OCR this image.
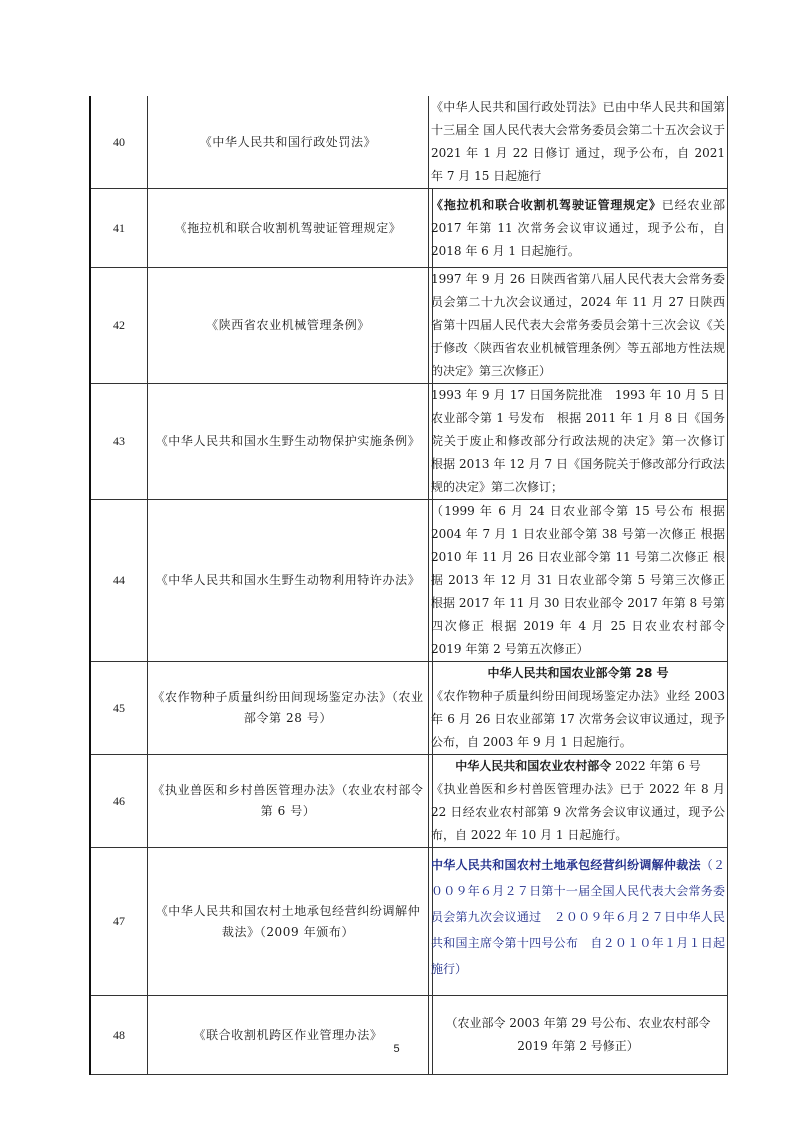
40	《中华人民共和国行政处罚法》	《中华人民共和国行政处罚法》已由中华人民共和国第十三届全 国人民代表大会常务委员会第二十五次会议于 2021 年 1 月 22 日修订 通过，现予公布，自 2021 年 7 月 15 日起施行
41	《拖拉机和联合收割机驾驶证管理规定》	《拖拉机和联合收割机驾驶证管理规定》已经农业部 2017 年第 11 次常务会议审议通过，现予公布，自 2018 年 6 月 1 日起施行。
42	《陕西省农业机械管理条例》	1997 年 9 月 26 日陕西省第八届人民代表大会常务委员会第二十九次会议通过，2024 年 11 月 27 日陕西省第十四届人民代表大会常务委员会第十三次会议《关于修改〈陕西省农业机械管理条例〉等五部地方性法规的决定》第三次修正）
43	《中华人民共和国水生野生动物保护实施条例》	1993 年 9 月 17 日国务院批准　1993 年 10 月 5 日农业部令第 1 号发布　根据 2011 年 1 月 8 日《国务院关于废止和修改部分行政法规的决定》第一次修订　根据 2013 年 12 月 7 日《国务院关于修改部分行政法规的决定》第二次修订；
44	《中华人民共和国水生野生动物利用特许办法》	（1999 年 6 月 24 日农业部令第 15 号公布 根据 2004 年 7 月 1 日农业部令第 38 号第一次修正 根据 2010 年 11 月 26 日农业部令第 11 号第二次修正 根据 2013 年 12 月 31 日农业部令第 5 号第三次修正 根据 2017 年 11 月 30 日农业部令 2017 年第 8 号第四次修正 根据 2019 年 4 月 25 日农业农村部令 2019 年第 2 号第五次修正）
45	《农作物种子质量纠纷田间现场鉴定办法》（农业部令第 28 号）	中华人民共和国农业部令第 28 号
《农作物种子质量纠纷田间现场鉴定办法》业经 2003 年 6 月 26 日农业部第 17 次常务会议审议通过，现予公布，自 2003 年 9 月 1 日起施行。
46	《执业兽医和乡村兽医管理办法》（农业农村部令第 6 号）	中华人民共和国农业农村部令 2022 年第 6 号
《执业兽医和乡村兽医管理办法》已于 2022 年 8 月 22 日经农业农村部第 9 次常务会议审议通过，现予公布，自 2022 年 10 月 1 日起施行。
47	《中华人民共和国农村土地承包经营纠纷调解仲裁法》（2009 年颁布）	中华人民共和国农村土地承包经营纠纷调解仲裁法（２００９年６月２７日第十一届全国人民代表大会常务委员会第九次会议通过　２００９年６月２７日中华人民共和国主席令第十四号公布　自２０１０年１月１日起施行）
48	《联合收割机跨区作业管理办法》	（农业部令 2003 年第 29 号公布、农业农村部令 2019 年第 2 号修正）
5
